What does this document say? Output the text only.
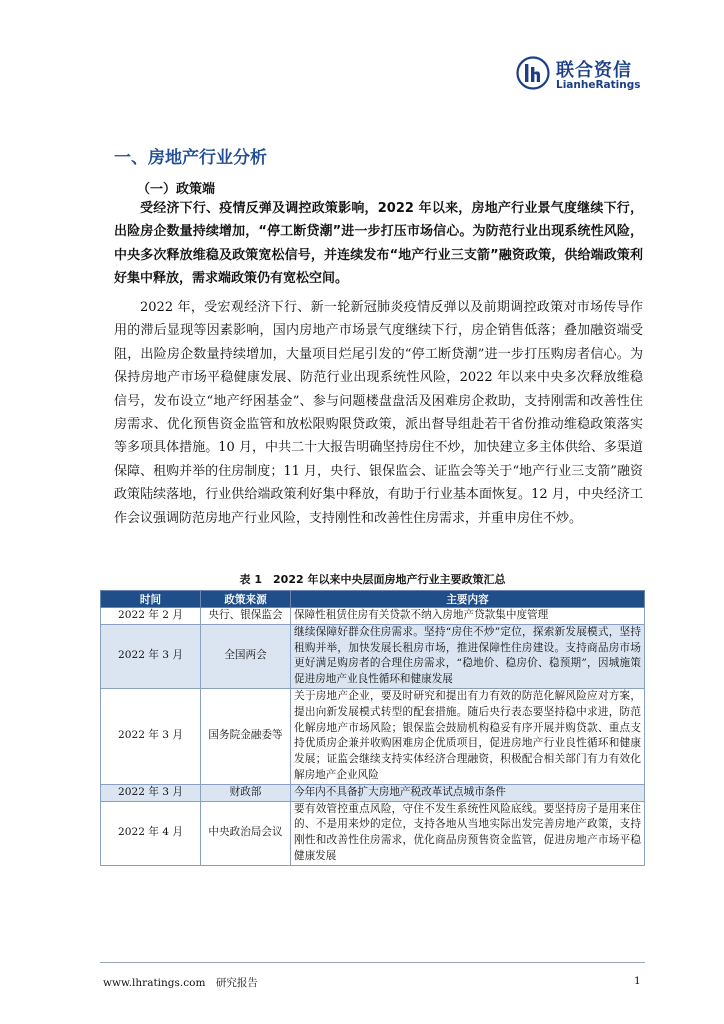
联合资信
LianheRatings
一、房地产行业分析
（一）政策端

受经济下行、疫情反弹及调控政策影响，2022 年以来，房地产行业景气度继续下行，出险房企数量持续增加，“停工断贷潮”进一步打压市场信心。为防范行业出现系统性风险，中央多次释放维稳及政策宽松信号，并连续发布“地产行业三支箭”融资政策，供给端政策利好集中释放，需求端政策仍有宽松空间。

2022 年，受宏观经济下行、新一轮新冠肺炎疫情反弹以及前期调控政策对市场传导作用的滞后显现等因素影响，国内房地产市场景气度继续下行，房企销售低落；叠加融资端受阻，出险房企数量持续增加，大量项目烂尾引发的“停工断贷潮”进一步打压购房者信心。为保持房地产市场平稳健康发展、防范行业出现系统性风险，2022 年以来中央多次释放维稳信号，发布设立“地产纾困基金”、参与问题楼盘盘活及困难房企救助，支持刚需和改善性住房需求、优化预售资金监管和放松限购限贷政策，派出督导组赴若干省份推动维稳政策落实等多项具体措施。10 月，中共二十大报告明确坚持房住不炒，加快建立多主体供给、多渠道保障、租购并举的住房制度；11 月，央行、银保监会、证监会等关于“地产行业三支箭”融资政策陆续落地，行业供给端政策利好集中释放，有助于行业基本面恢复。12 月，中央经济工作会议强调防范房地产行业风险，支持刚性和改善性住房需求，并重申房住不炒。

表 1　2022 年以来中央层面房地产行业主要政策汇总
时间	政策来源	主要内容
2022 年 2 月	央行、银保监会	保障性租赁住房有关贷款不纳入房地产贷款集中度管理
2022 年 3 月	全国两会	继续保障好群众住房需求。坚持“房住不炒”定位，探索新发展模式，坚持租购并举，加快发展长租房市场，推进保障性住房建设。支持商品房市场更好满足购房者的合理住房需求，“稳地价、稳房价、稳预期”，因城施策促进房地产业良性循环和健康发展
2022 年 3 月	国务院金融委等	关于房地产企业，要及时研究和提出有力有效的防范化解风险应对方案，提出向新发展模式转型的配套措施。随后央行表态要坚持稳中求进，防范化解房地产市场风险；银保监会鼓励机构稳妥有序开展并购贷款、重点支持优质房企兼并收购困难房企优质项目，促进房地产行业良性循环和健康发展；证监会继续支持实体经济合理融资，积极配合相关部门有力有效化解房地产企业风险
2022 年 3 月	财政部	今年内不具备扩大房地产税改革试点城市条件
2022 年 4 月	中央政治局会议	要有效管控重点风险，守住不发生系统性风险底线。要坚持房子是用来住的、不是用来炒的定位，支持各地从当地实际出发完善房地产政策，支持刚性和改善性住房需求，优化商品房预售资金监管，促进房地产市场平稳健康发展
www.lhratings.com　研究报告	1
